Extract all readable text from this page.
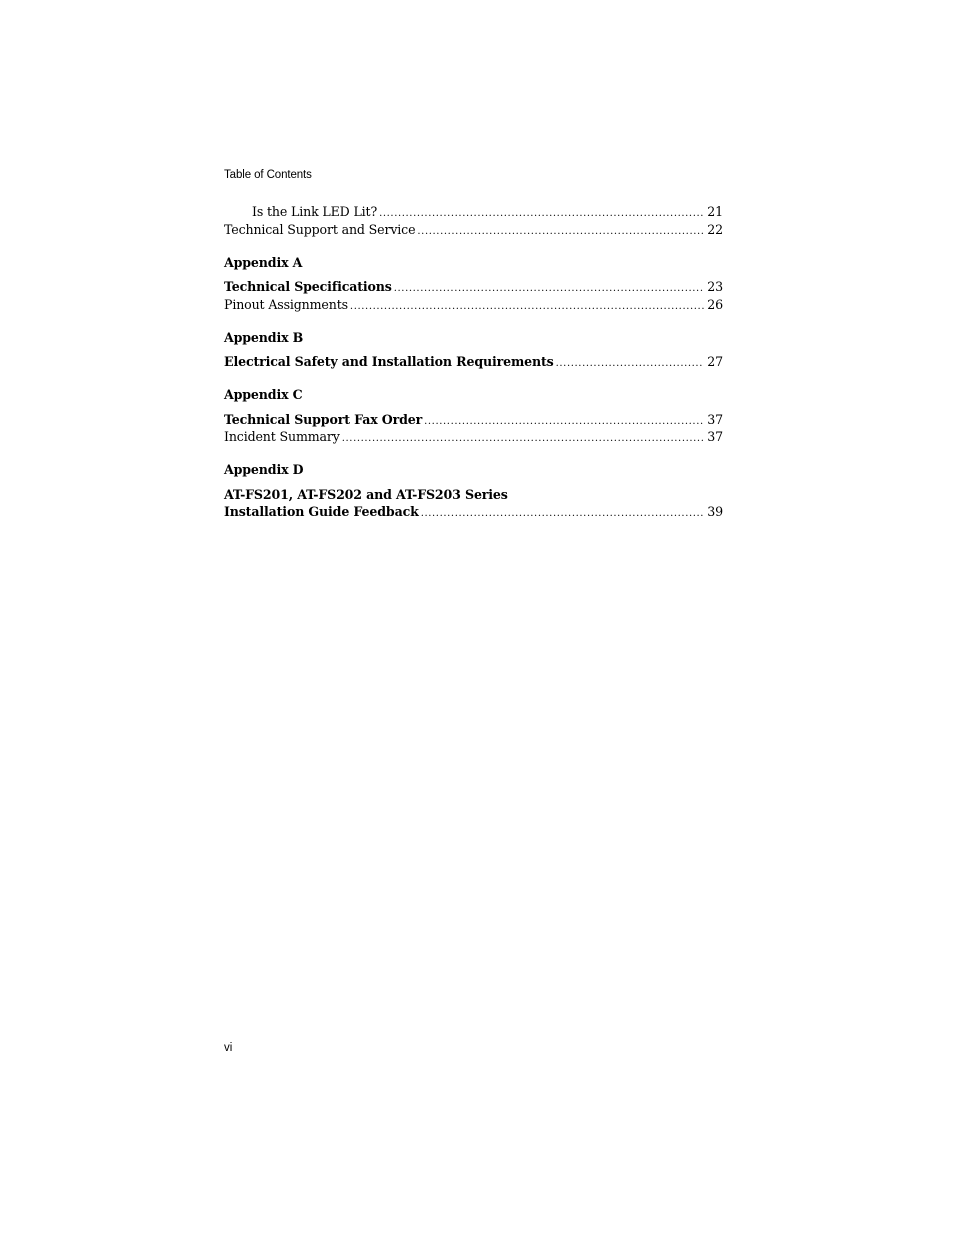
Table of Contents
Is the Link LED Lit? .....	21
Technical Support and Service .....	22
Appendix A
Technical Specifications .....	23
Pinout Assignments .....	26
Appendix B
Electrical Safety and Installation Requirements .....	27
Appendix C
Technical Support Fax Order .....	37
Incident Summary .....	37
Appendix D
AT-FS201, AT-FS202 and AT-FS203 Series
Installation Guide Feedback .....	39
vi
